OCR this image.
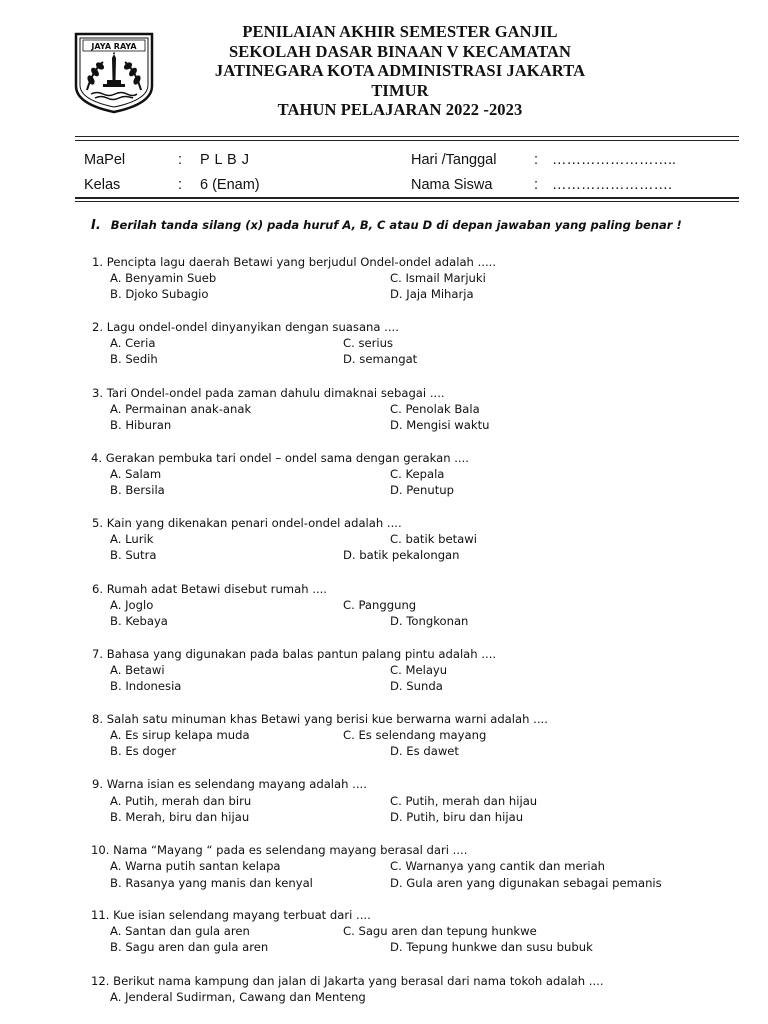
JAYA RAYA
PENILAIAN AKHIR SEMESTER GANJIL
SEKOLAH DASAR BINAAN V KECAMATAN
JATINEGARA KOTA ADMINISTRASI JAKARTA
TIMUR
TAHUN PELAJARAN 2022 -2023
MaPel	: P L B J	Hari /Tanggal	: ……………………..
Kelas	: 6 (Enam)	Nama Siswa	: …………………….
I. Berilah tanda silang (x) pada huruf A, B, C atau D di depan jawaban yang paling benar !
1. Pencipta lagu daerah Betawi yang berjudul Ondel-ondel adalah .....
A. Benyamin Sueb	C. Ismail Marjuki
B. Djoko Subagio	D. Jaja Miharja
2. Lagu ondel-ondel dinyanyikan dengan suasana ....
A. Ceria	C. serius
B. Sedih	D. semangat
3. Tari Ondel-ondel pada zaman dahulu dimaknai sebagai ....
A. Permainan anak-anak	C. Penolak Bala
B. Hiburan	D. Mengisi waktu
4. Gerakan pembuka tari ondel – ondel sama dengan gerakan ....
A. Salam	C. Kepala
B. Bersila	D. Penutup
5. Kain yang dikenakan penari ondel-ondel adalah ....
A. Lurik	C. batik betawi
B. Sutra	D. batik pekalongan
6. Rumah adat Betawi disebut rumah ....
A. Joglo	C. Panggung
B. Kebaya	D. Tongkonan
7. Bahasa yang digunakan pada balas pantun palang pintu adalah ....
A. Betawi	C. Melayu
B. Indonesia	D. Sunda
8. Salah satu minuman khas Betawi yang berisi kue berwarna warni adalah ....
A. Es sirup kelapa muda	C. Es selendang mayang
B. Es doger	D. Es dawet
9. Warna isian es selendang mayang adalah ....
A. Putih, merah dan biru	C. Putih, merah dan hijau
B. Merah, biru dan hijau	D. Putih, biru dan hijau
10. Nama “Mayang “ pada es selendang mayang berasal dari ....
A. Warna putih santan kelapa	C. Warnanya yang cantik dan meriah
B. Rasanya yang manis dan kenyal	D. Gula aren yang digunakan sebagai pemanis
11. Kue isian selendang mayang terbuat dari ....
A. Santan dan gula aren	C. Sagu aren dan tepung hunkwe
B. Sagu aren dan gula aren	D. Tepung hunkwe dan susu bubuk
12. Berikut nama kampung dan jalan di Jakarta yang berasal dari nama tokoh adalah ....
A. Jenderal Sudirman, Cawang dan Menteng
